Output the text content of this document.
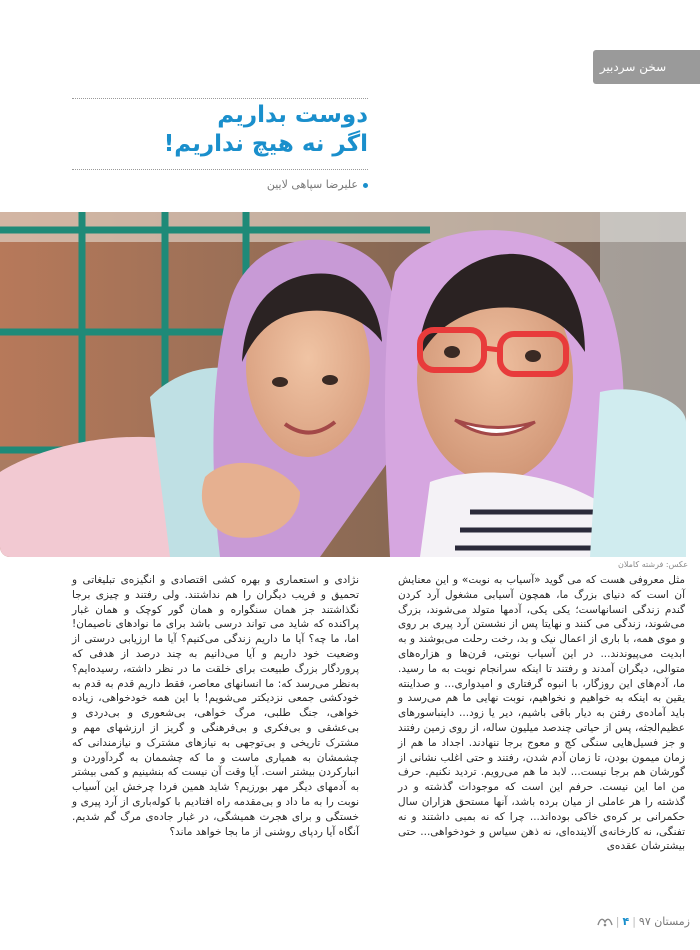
سخن سردبیر
دوست بداریم
اگر نه هیچ نداریم!
علیرضا سپاهی لایین
عکس: فرشته کاملان
مثل معروفی هست که می گوید «آسیاب به نوبت» و این معنایش آن است که دنیای بزرگ ما، همچون آسیابی مشغول آرد کردن گندم زندگی انسانهاست؛ یکی یکی، آدمها متولد می‌شوند، بزرگ می‌شوند، زندگی می کنند و نهایتا پس از نشستن آرد پیری بر روی و موی همه، با باری از اعمال نیک و بد، رخت رحلت می‌بوشند و به ابدیت می‌پیوندند... در این آسیاب نوبتی، قرن‌ها و هزاره‌های متوالی، دیگران آمدند و رفتند تا اینکه سرانجام نوبت به ما رسید. ما، آدم‌های این روزگار، با انبوه گرفتاری و امیدواری... و صداینته یقین به اینکه به خواهیم و نخواهیم، نوبت نهایی ما هم می‌رسد و باید آماده‌ی رفتن به دیار باقی باشیم، دیر یا زود... داینباسورهای عظیم‌الجثه، پس از حیاتی چندصد میلیون ساله، از روی زمین رفتند و جز فسیل‌هایی سنگی کج و معوج برجا ننهادند. اجداد ما هم از زمان میمون بودن، تا زمان آدم شدن، رفتند و حتی اغلب نشانی از گورشان هم برجا نیست... لابد ما هم می‌رویم. تردید نکنیم. حرف من اما این نیست. حرفم این است که موجودات گذشته و در گذشته را هر عاملی از میان برده باشد، آنها مستحق هزاران سال حکمرانی بر کره‌ی خاکی بوده‌اند... چرا که نه بمبی داشتند و نه تفنگی، نه کارخانه‌ی آلاینده‌ای، نه ذهن سیاس و خودخواهی... حتی بیشترشان عقده‌ی
نژادی و استعماری و بهره کشی اقتصادی و انگیزه‌ی تبلیغاتی و تحمیق و فریب دیگران را هم نداشتند. ولی رفتند و چیزی برجا نگذاشتند جز همان سنگواره و همان گور کوچک و همان غبار پراکنده که شاید می تواند درسی باشد برای ما نوادهای ناصیمان! اما، ما چه؟ آیا ما داریم زندگی می‌کنیم؟ آیا ما ارزیابی درستی از وضعیت خود داریم و آیا می‌دانیم به چند درصد از هدفی که پروردگار بزرگ طبیعت برای خلقت ما در نظر داشته، رسیده‌ایم؟ به‌نظر می‌رسد که: ما انسانهای معاصر، فقط داریم قدم به قدم به خودکشی جمعی نزدیکتر می‌شویم! با این همه خودخواهی، زیاده خواهی، جنگ طلبی، مرگ خواهی، بی‌شعوری و بی‌دردی و بی‌عشقی و بی‌فکری و بی‌فرهنگی و گریز از ارزشهای مهم و مشترک تاریخی و بی‌توجهی به نیازهای مشترک و نیازمندانی که چشمشان به همیاری ماست و ما که چشممان به گردآوردن و انبارکردن بیشتر است. آیا وقت آن نیست که بنشینیم و کمی بیشتر به آدمهای دیگر مهر بورزیم؟ شاید همین فردا چرخش این آسیاب نوبت را به ما داد و بی‌مقدمه راه افتادیم با کوله‌باری از آرد پیری و خستگی و برای هجرت همیشگی، در غبار جاده‌ی مرگ گم شدیم. آنگاه آیا ردپای روشنی از ما بجا خواهد ماند؟
زمستان ۹۷|۴|
